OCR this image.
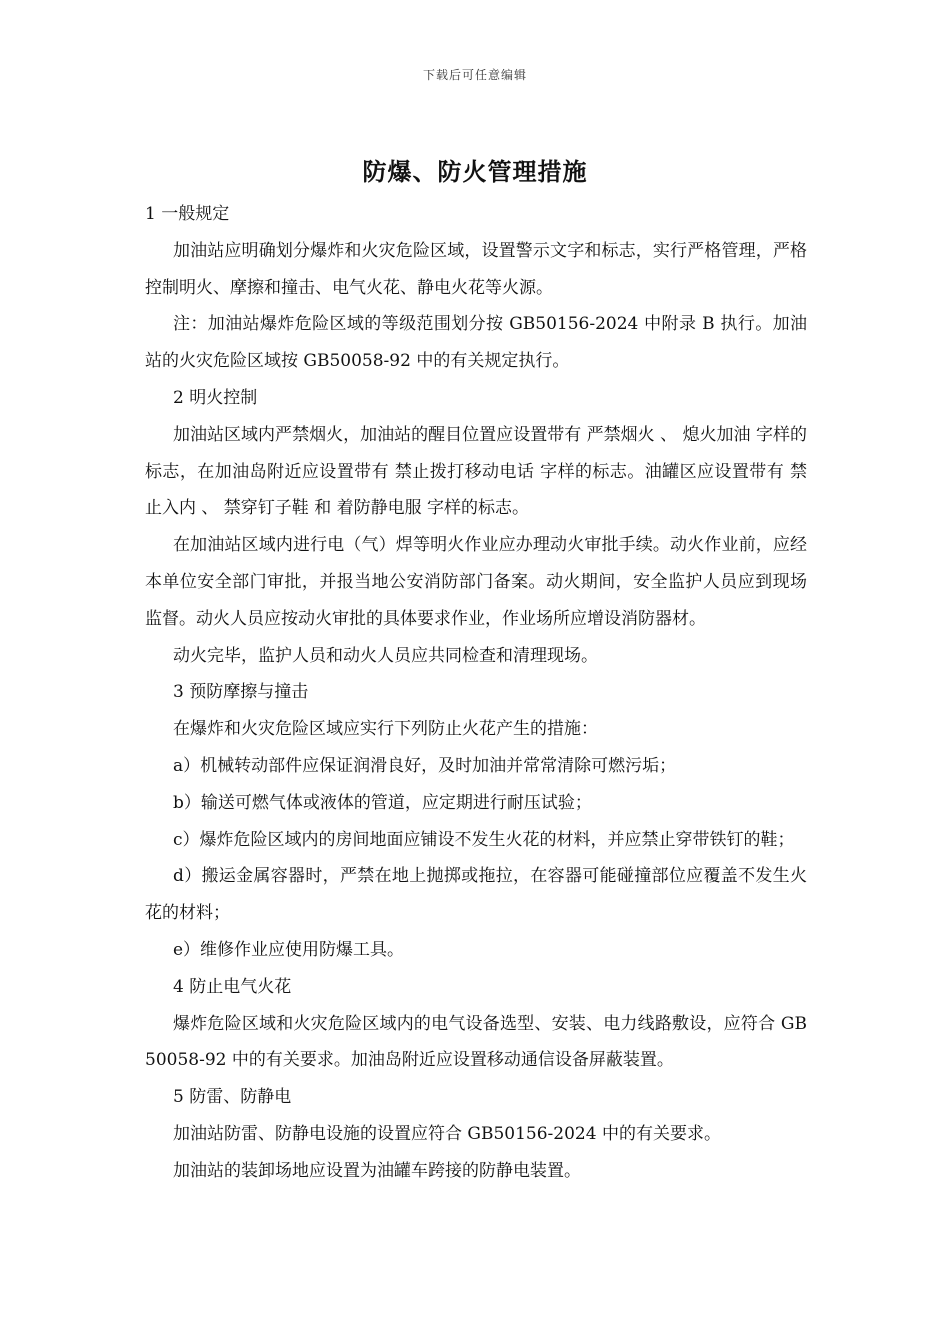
下载后可任意编辑
防爆、防火管理措施
1 一般规定
加油站应明确划分爆炸和火灾危险区域，设置警示文字和标志，实行严格管理，严格控制明火、摩擦和撞击、电气火花、静电火花等火源。
注：加油站爆炸危险区域的等级范围划分按 GB50156-2024 中附录 B 执行。加油站的火灾危险区域按 GB50058-92 中的有关规定执行。
2 明火控制
加油站区域内严禁烟火，加油站的醒目位置应设置带有 严禁烟火 、 熄火加油 字样的标志，在加油岛附近应设置带有 禁止拨打移动电话 字样的标志。油罐区应设置带有 禁止入内 、 禁穿钉子鞋 和 着防静电服 字样的标志。
在加油站区域内进行电（气）焊等明火作业应办理动火审批手续。动火作业前，应经本单位安全部门审批，并报当地公安消防部门备案。动火期间，安全监护人员应到现场监督。动火人员应按动火审批的具体要求作业，作业场所应增设消防器材。
动火完毕，监护人员和动火人员应共同检查和清理现场。
3 预防摩擦与撞击
在爆炸和火灾危险区域应实行下列防止火花产生的措施：
a）机械转动部件应保证润滑良好，及时加油并常常清除可燃污垢；
b）输送可燃气体或液体的管道，应定期进行耐压试验；
c）爆炸危险区域内的房间地面应铺设不发生火花的材料，并应禁止穿带铁钉的鞋；
d）搬运金属容器时，严禁在地上抛掷或拖拉，在容器可能碰撞部位应覆盖不发生火花的材料；
e）维修作业应使用防爆工具。
4 防止电气火花
爆炸危险区域和火灾危险区域内的电气设备选型、安装、电力线路敷设，应符合 GB50058-92 中的有关要求。加油岛附近应设置移动通信设备屏蔽装置。
5 防雷、防静电
加油站防雷、防静电设施的设置应符合 GB50156-2024 中的有关要求。
加油站的装卸场地应设置为油罐车跨接的防静电装置。
